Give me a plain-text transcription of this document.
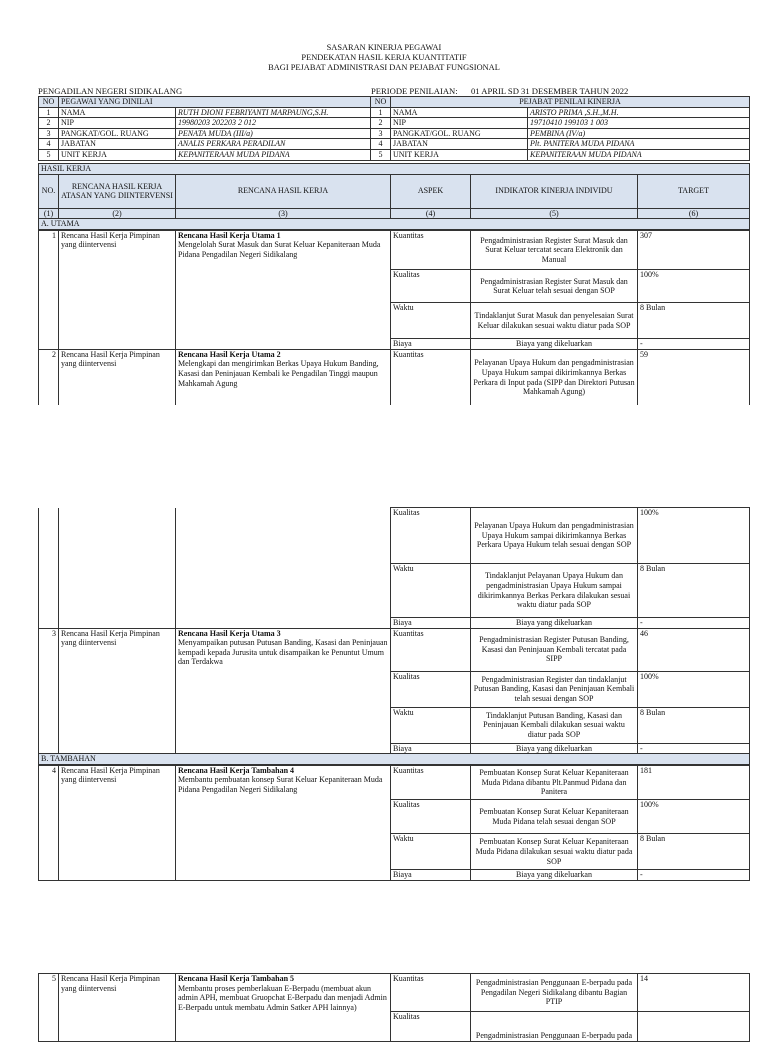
SASARAN KINERJA PEGAWAI
PENDEKATAN HASIL KERJA KUANTITATIF
BAGI PEJABAT ADMINISTRASI DAN PEJABAT FUNGSIONAL
PENGADILAN NEGERI SIDIKALANG	PERIODE PENILAIAN: 01 APRIL SD 31 DESEMBER TAHUN 2022
NO	PEGAWAI YANG DINILAI		NO	PEJABAT PENILAI KINERJA	
1	NAMA	RUTH DIONI FEBRIYANTI MARPAUNG,S.H.	1	NAMA	ARISTO PRIMA ,S.H.,M.H.
2	NIP	19980203 202203 2 012	2	NIP	19710410 199103 1 003
3	PANGKAT/GOL. RUANG	PENATA MUDA (III/a)	3	PANGKAT/GOL. RUANG	PEMBINA (IV/a)
4	JABATAN	ANALIS PERKARA PERADILAN	4	JABATAN	Plt. PANITERA MUDA PIDANA
5	UNIT KERJA	KEPANITERAAN MUDA PIDANA	5	UNIT KERJA	KEPANITERAAN MUDA PIDANA
HASIL KERJA					
NO.	RENCANA HASIL KERJA ATASAN YANG DIINTERVENSI	RENCANA HASIL KERJA	ASPEK	INDIKATOR KINERJA INDIVIDU	TARGET
(1)	(2)	(3)	(4)	(5)	(6)
A. UTAMA					
1	Rencana Hasil Kerja Pimpinan yang diintervensi	Rencana Hasil Kerja Utama 1
Mengelolah Surat Masuk dan Surat Keluar Kepaniteraan Muda Pidana Pengadilan Negeri Sidikalang	Kuantitas	Pengadministrasian Register Surat Masuk dan Surat Keluar tercatat secara Elektronik dan Manual	307
			Kualitas	Pengadministrasian Register Surat Masuk dan Surat Keluar telah sesuai dengan SOP	100%
			Waktu	Tindaklanjut Surat Masuk dan penyelesaian Surat Keluar dilakukan sesuai waktu diatur pada SOP	8 Bulan
			Biaya	Biaya yang dikeluarkan	-
2	Rencana Hasil Kerja Pimpinan yang diintervensi	Rencana Hasil Kerja Utama 2
Melengkapi dan mengirimkan Berkas Upaya Hukum Banding, Kasasi dan Peninjauan Kembali ke Pengadilan Tinggi maupun Mahkamah Agung	Kuantitas	Pelayanan Upaya Hukum dan pengadministrasian Upaya Hukum sampai dikirimkannya Berkas Perkara di Input pada (SIPP dan Direktori Putusan Mahkamah Agung)	59
			Kualitas	Pelayanan Upaya Hukum dan pengadministrasian Upaya Hukum sampai dikirimkannya Berkas Perkara Upaya Hukum telah sesuai dengan SOP	100%
			Waktu	Tindaklanjut Pelayanan Upaya Hukum dan pengadministrasian Upaya Hukum sampai dikirimkannya Berkas Perkara dilakukan sesuai waktu diatur pada SOP	8 Bulan
			Biaya	Biaya yang dikeluarkan	-
3	Rencana Hasil Kerja Pimpinan yang diintervensi	Rencana Hasil Kerja Utama 3
Menyampaikan putusan Putusan Banding, Kasasi dan Peninjauan kempadi kepada Jurusita untuk disampaikan ke Penuntut Umum dan Terdakwa	Kuantitas	Pengadministrasian Register Putusan Banding, Kasasi dan Peninjauan Kembali tercatat pada SIPP	46
			Kualitas	Pengadministrasian Register dan tindaklanjut Putusan Banding, Kasasi dan Peninjauan Kembali telah sesuai dengan SOP	100%
			Waktu	Tindaklanjut Putusan Banding, Kasasi dan Peninjauan Kembali dilakukan sesuai waktu diatur pada SOP	8 Bulan
			Biaya	Biaya yang dikeluarkan	-
B. TAMBAHAN					
4	Rencana Hasil Kerja Pimpinan yang diintervensi	Rencana Hasil Kerja Tambahan 4
Membantu pembuatan konsep Surat Keluar Kepaniteraan Muda Pidana Pengadilan Negeri Sidikalang	Kuantitas	Pembuatan Konsep Surat Keluar Kepaniteraan Muda Pidana dibantu Plt.Panmud Pidana dan Panitera	181
			Kualitas	Pembuatan Konsep Surat Keluar Kepaniteraan Muda Pidana telah sesuai dengan SOP	100%
			Waktu	Pembuatan Konsep Surat Keluar Kepaniteraan Muda Pidana dilakukan sesuai waktu diatur pada SOP	8 Bulan
			Biaya	Biaya yang dikeluarkan	-
5	Rencana Hasil Kerja Pimpinan yang diintervensi	Rencana Hasil Kerja Tambahan 5
Membantu proses pemberlakuan E-Berpadu (membuat akun admin APH, membuat Gruopchat E-Berpadu dan menjadi Admin E-Berpadu untuk membatu Admin Satker APH lainnya)	Kuantitas	Pengadministrasian Penggunaan E-berpadu pada Pengadilan Negeri Sidikalang dibantu Bagian PTIP	14
			Kualitas	Pengadministrasian Penggunaan E-berpadu pada	
